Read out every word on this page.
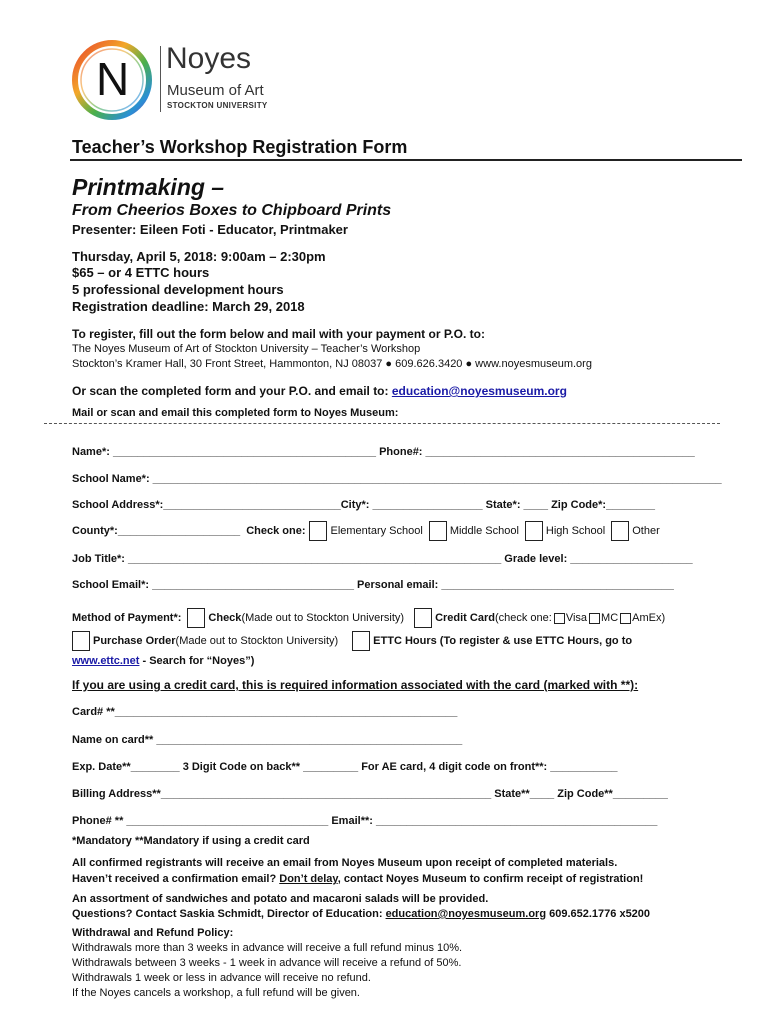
N Noyes
Museum of Art
STOCKTON UNIVERSITY
Teacher’s Workshop Registration Form
Printmaking –
From Cheerios Boxes to Chipboard Prints
Presenter: Eileen Foti - Educator, Printmaker
Thursday, April 5, 2018: 9:00am – 2:30pm
$65 – or 4 ETTC hours
5 professional development hours
Registration deadline: March 29, 2018
To register, fill out the form below and mail with your payment or P.O. to:
The Noyes Museum of Art of Stockton University – Teacher’s Workshop
Stockton’s Kramer Hall, 30 Front Street, Hammonton, NJ 08037 ● 609.626.3420 ● www.noyesmuseum.org
Or scan the completed form and your P.O. and email to: education@noyesmuseum.org
Mail or scan and email this completed form to Noyes Museum:
Name*: ___________________________________________ Phone#: ____________________________________________
School Name*: _____________________________________________________________________________________________
School Address*:_____________________________City*: __________________ State*: ____ Zip Code*:________
County*:____________________ Check one: Elementary School Middle School High School Other
Job Title*: _____________________________________________________________ Grade level: ____________________
School Email*: _________________________________ Personal email: ______________________________________
Method of Payment*: Check (Made out to Stockton University)	Credit Card (check one: Visa MC AmEx)
Purchase Order (Made out to Stockton University)	ETTC Hours (To register & use ETTC Hours, go to
www.ettc.net - Search for “Noyes”)
If you are using a credit card, this is required information associated with the card (marked with **):
Card# **________________________________________________________
Name on card** __________________________________________________
Exp. Date**________ 3 Digit Code on back** _________ For AE card, 4 digit code on front**: ___________
Billing Address**______________________________________________________ State**____ Zip Code**_________
Phone# ** _________________________________ Email**: ______________________________________________
*Mandatory **Mandatory if using a credit card
All confirmed registrants will receive an email from Noyes Museum upon receipt of completed materials.
Haven’t received a confirmation email? Don’t delay, contact Noyes Museum to confirm receipt of registration!
An assortment of sandwiches and potato and macaroni salads will be provided.
Questions? Contact Saskia Schmidt, Director of Education: education@noyesmuseum.org 609.652.1776 x5200
Withdrawal and Refund Policy:
Withdrawals more than 3 weeks in advance will receive a full refund minus 10%.
Withdrawals between 3 weeks - 1 week in advance will receive a refund of 50%.
Withdrawals 1 week or less in advance will receive no refund.
If the Noyes cancels a workshop, a full refund will be given.
